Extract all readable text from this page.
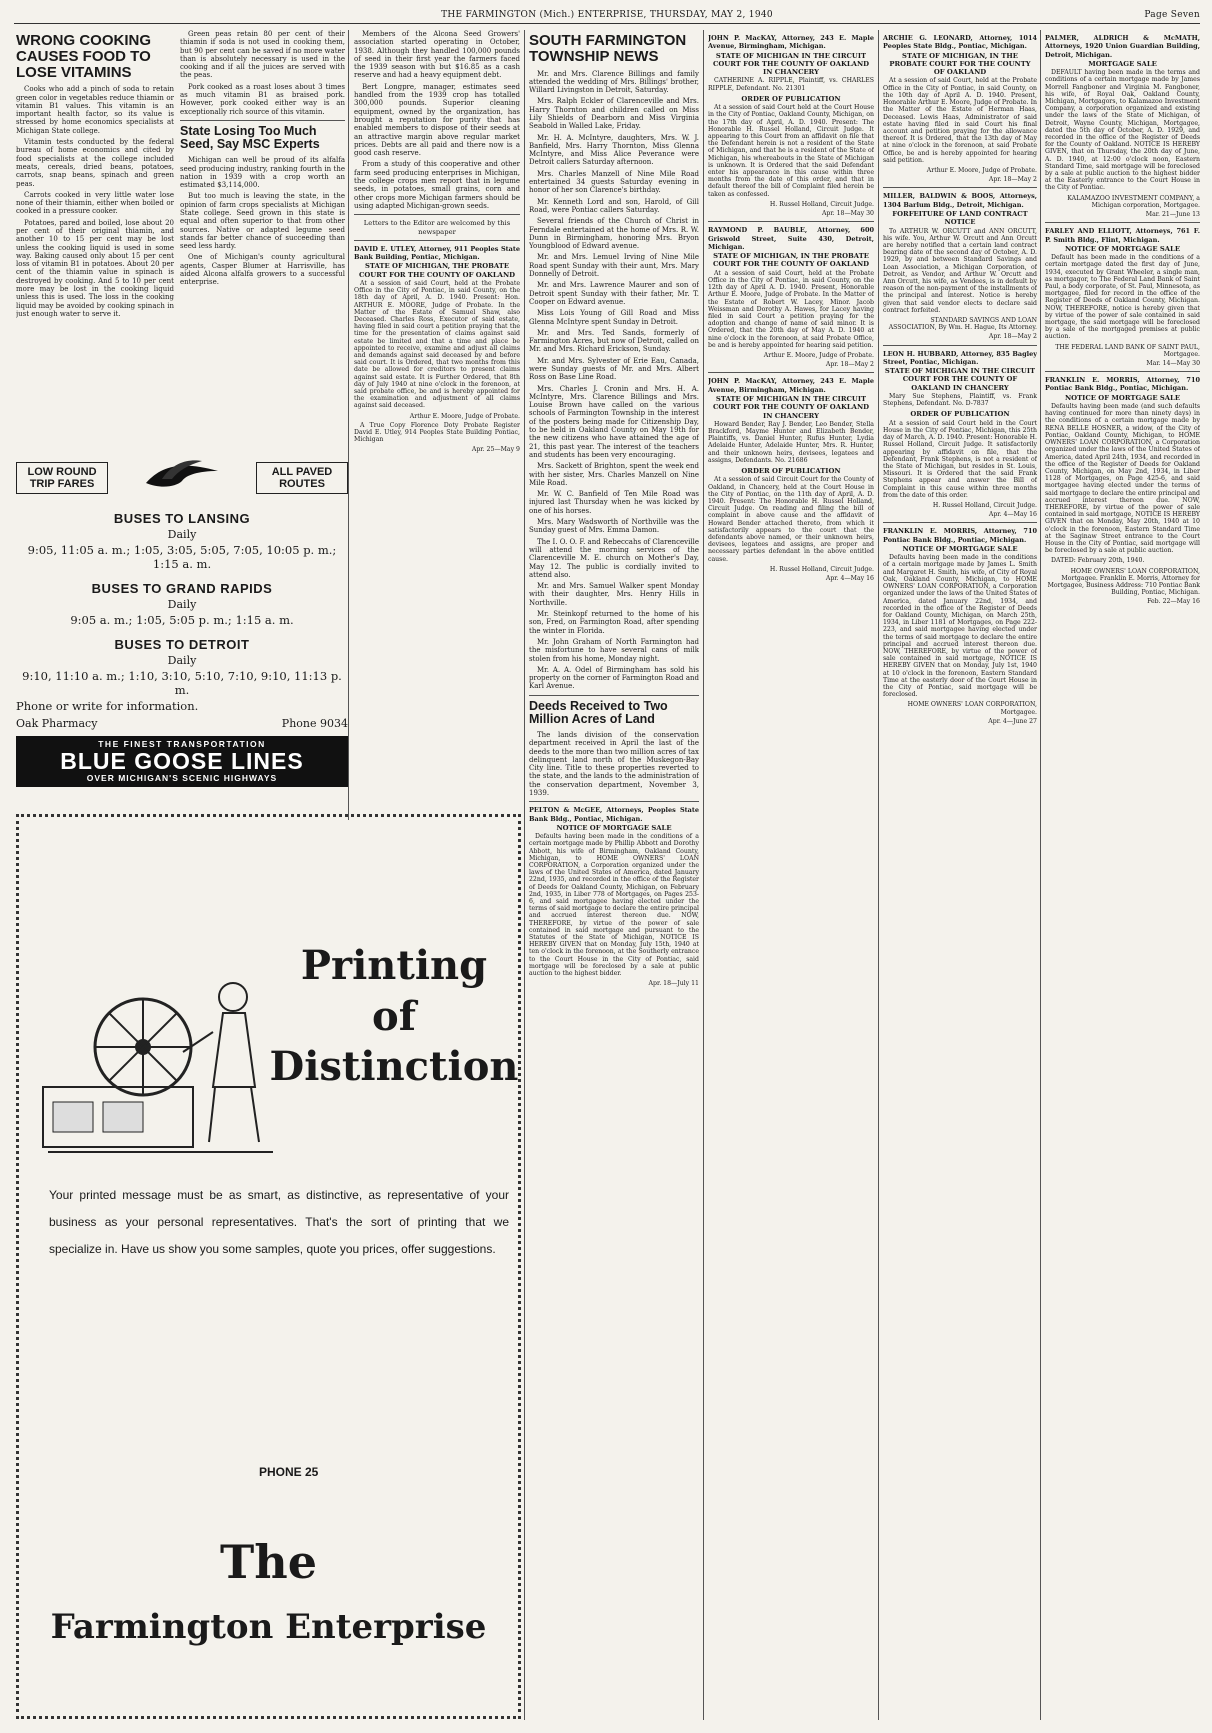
THE FARMINGTON (Mich.) ENTERPRISE, THURSDAY, MAY 2, 1940	Page Seven
WRONG COOKING CAUSES FOOD TO LOSE VITAMINS

Cooks who add a pinch of soda to retain green color in vegetables reduce thiamin or vitamin B1 values. This vitamin is an important health factor, so its value is stressed by home economics specialists at Michigan State college.

Vitamin tests conducted by the federal bureau of home economics and cited by food specialists at the college included meats, cereals, dried beans, potatoes, carrots, snap beans, spinach and green peas.

Carrots cooked in very little water lose none of their thiamin, either when boiled or cooked in a pressure cooker.

Potatoes, pared and boiled, lose about 20 per cent of their original thiamin, and another 10 to 15 per cent may be lost unless the cooking liquid is used in some way. Baking caused only about 15 per cent loss of vitamin B1 in potatoes. About 20 per cent of the thiamin value in spinach is destroyed by cooking. And 5 to 10 per cent more may be lost in the cooking liquid unless this is used. The loss in the cooking liquid may be avoided by cooking spinach in just enough water to serve it.

Green peas retain 80 per cent of their thiamin if soda is not used in cooking them, but 90 per cent can be saved if no more water than is absolutely necessary is used in the cooking and if all the juices are served with the peas.

Pork cooked as a roast loses about 3 times as much vitamin B1 as braised pork. However, pork cooked either way is an exceptionally rich source of this vitamin.

State Losing Too Much Seed, Say MSC Experts

Michigan can well be proud of its alfalfa seed producing industry, ranking fourth in the nation in 1939 with a crop worth an estimated $3,114,000.

But too much is leaving the state, in the opinion of farm crops specialists at Michigan State college. Seed grown in this state is equal and often superior to that from other sources. Native or adapted legume seed stands far better chance of succeeding than seed less hardy.

One of Michigan's county agricultural agents, Casper Blumer at Harrisville, has aided Alcona alfalfa growers to a successful enterprise.

Members of the Alcona Seed Growers' association started operating in October, 1938. Although they handled 100,000 pounds of seed in their first year the farmers faced the 1939 season with but $16.85 as a cash reserve and had a heavy equipment debt.

Bert Longpre, manager, estimates seed handled from the 1939 crop has totalled 300,000 pounds. Superior cleaning equipment, owned by the organization, has brought a reputation for purity that has enabled members to dispose of their seeds at an attractive margin above regular market prices. Debts are all paid and there now is a good cash reserve.

From a study of this cooperative and other farm seed producing enterprises in Michigan, the college crops men report that in legume seeds, in potatoes, small grains, corn and other crops more Michigan farmers should be using adapted Michigan-grown seeds.

Letters to the Editor are welcomed by this newspaper

DAVID E. UTLEY, Attorney, 911 Peoples State Bank Building, Pontiac, Michigan.

STATE OF MICHIGAN, THE PROBATE COURT FOR THE COUNTY OF OAKLAND

At a session of said Court, held at the Probate Office in the City of Pontiac, in said County, on the 18th day of April, A. D. 1940. Present: Hon. ARTHUR E. MOORE, Judge of Probate. In the Matter of the Estate of Samuel Shaw, also Deceased. Charles Ross, Executor of said estate, having filed in said court a petition praying that the time for the presentation of claims against said estate be limited and that a time and place be appointed to receive, examine and adjust all claims and demands against said deceased by and before said court. It is Ordered, that two months from this date be allowed for creditors to present claims against said estate. It is Further Ordered, that 8th day of July 1940 at nine o'clock in the forenoon, at said probate office, be and is hereby appointed for the examination and adjustment of all claims against said deceased.

Arthur E. Moore, Judge of Probate.

A True Copy Florence Doty Probate Register David E. Utley, 914 Peoples State Building Pontiac, Michigan

Apr. 25—May 9

LOW ROUND TRIP FARES
ALL PAVED ROUTES
BUSES TO LANSING
Daily
9:05, 11:05 a. m.; 1:05, 3:05, 5:05, 7:05, 10:05 p. m.; 1:15 a. m.
BUSES TO GRAND RAPIDS
Daily
9:05 a. m.; 1:05, 5:05 p. m.; 1:15 a. m.
BUSES TO DETROIT
Daily
9:10, 11:10 a. m.; 1:10, 3:10, 5:10, 7:10, 9:10, 11:13 p. m.
Phone or write for information.
Oak Pharmacy	Phone 9034
THE FINEST TRANSPORTATION
BLUE GOOSE LINES
OVER MICHIGAN'S SCENIC HIGHWAYS
Printing
of
Distinction
Your printed message must be as smart, as distinctive, as representative of your business as your personal representatives. That's the sort of printing that we specialize in. Have us show you some samples, quote you prices, offer suggestions.
PHONE 25
The
Farmington Enterprise
SOUTH FARMINGTON TOWNSHIP NEWS

Mr. and Mrs. Clarence Billings and family attended the wedding of Mrs. Billings' brother, Willard Livingston in Detroit, Saturday.

Mrs. Ralph Eckler of Clarenceville and Mrs. Harry Thornton and children called on Miss Lily Shields of Dearborn and Miss Virginia Seabold in Walled Lake, Friday.

Mr. H. A. McIntyre, daughters, Mrs. W. J. Banfield, Mrs. Harry Thornton, Miss Glenna McIntyre, and Miss Alice Peverance were Detroit callers Saturday afternoon.

Mrs. Charles Manzell of Nine Mile Road entertained 34 guests Saturday evening in honor of her son Clarence's birthday.

Mr. Kenneth Lord and son, Harold, of Gill Road, were Pontiac callers Saturday.

Several friends of the Church of Christ in Ferndale entertained at the home of Mrs. R. W. Dunn in Birmingham, honoring Mrs. Bryon Youngblood of Edward avenue.

Mr. and Mrs. Lemuel Irving of Nine Mile Road spent Sunday with their aunt, Mrs. Mary Donnelly of Detroit.

Mr. and Mrs. Lawrence Maurer and son of Detroit spent Sunday with their father, Mr. T. Cooper on Edward avenue.

Miss Lois Young of Gill Road and Miss Glenna McIntyre spent Sunday in Detroit.

Mr. and Mrs. Ted Sands, formerly of Farmington Acres, but now of Detroit, called on Mr. and Mrs. Richard Erickson, Sunday.

Mr. and Mrs. Sylvester of Erie Eau, Canada, were Sunday guests of Mr. and Mrs. Albert Ross on Base Line Road.

Mrs. Charles J. Cronin and Mrs. H. A. McIntyre, Mrs. Clarence Billings and Mrs. Louise Brown have called on the various schools of Farmington Township in the interest of the posters being made for Citizenship Day, to be held in Oakland County on May 19th for the new citizens who have attained the age of 21, this past year. The interest of the teachers and students has been very encouraging.

Mrs. Sackett of Brighton, spent the week end with her sister, Mrs. Charles Manzell on Nine Mile Road.

Mr. W. C. Banfield of Ten Mile Road was injured last Thursday when he was kicked by one of his horses.

Mrs. Mary Wadsworth of Northville was the Sunday guest of Mrs. Emma Damon.

The I. O. O. F. and Rebeccahs of Clarenceville will attend the morning services of the Clarenceville M. E. church on Mother's Day, May 12. The public is cordially invited to attend also.

Mr. and Mrs. Samuel Walker spent Monday with their daughter, Mrs. Henry Hills in Northville.

Mr. Steinkopf returned to the home of his son, Fred, on Farmington Road, after spending the winter in Florida.

Mr. John Graham of North Farmington had the misfortune to have several cans of milk stolen from his home, Monday night.

Mr. A. A. Odel of Birmingham has sold his property on the corner of Farmington Road and Karl Avenue.

Deeds Received to Two Million Acres of Land

The lands division of the conservation department received in April the last of the deeds to the more than two million acres of tax delinquent land north of the Muskegon-Bay City line. Title to these properties reverted to the state, and the lands to the administration of the conservation department, November 3, 1939.

PELTON & McGEE, Attorneys, Peoples State Bank Bldg., Pontiac, Michigan.

NOTICE OF MORTGAGE SALE

Defaults having been made in the conditions of a certain mortgage made by Phillip Abbott and Dorothy Abbott, his wife of Birmingham, Oakland County, Michigan, to HOME OWNERS' LOAN CORPORATION, a Corporation organized under the laws of the United States of America, dated January 22nd, 1935, and recorded in the office of the Register of Deeds for Oakland County, Michigan, on February 2nd, 1935, in Liber 778 of Mortgages, on Pages 253-6, and said mortgagee having elected under the terms of said mortgage to declare the entire principal and accrued interest thereon due. NOW, THEREFORE, by virtue of the power of sale contained in said mortgage and pursuant to the Statutes of the State of Michigan, NOTICE IS HEREBY GIVEN that on Monday, July 15th, 1940 at ten o'clock in the forenoon, at the Southerly entrance to the Court House in the City of Pontiac, said mortgage will be foreclosed by a sale at public auction to the highest bidder.

Apr. 18—July 11

JOHN P. MacKAY, Attorney, 243 E. Maple Avenue, Birmingham, Michigan.

STATE OF MICHIGAN IN THE CIRCUIT COURT FOR THE COUNTY OF OAKLAND IN CHANCERY

CATHERINE A. RIPPLE, Plaintiff, vs. CHARLES RIPPLE, Defendant. No. 21301

ORDER OF PUBLICATION

At a session of said Court held at the Court House in the City of Pontiac, Oakland County, Michigan, on the 17th day of April, A. D. 1940. Present: The Honorable H. Russel Holland, Circuit Judge. It appearing to this Court from an affidavit on file that the Defendant herein is not a resident of the State of Michigan, and that he is a resident of the State of Michigan, his whereabouts in the State of Michigan is unknown. It is Ordered that the said Defendant enter his appearance in this cause within three months from the date of this order, and that in default thereof the bill of Complaint filed herein be taken as confessed.

H. Russel Holland, Circuit Judge.

Apr. 18—May 30

RAYMOND P. BAUBLE, Attorney, 600 Griswold Street, Suite 430, Detroit, Michigan.

STATE OF MICHIGAN, IN THE PROBATE COURT FOR THE COUNTY OF OAKLAND

At a session of said Court, held at the Probate Office in the City of Pontiac, in said County, on the 12th day of April A. D. 1940. Present, Honorable Arthur E. Moore, Judge of Probate. In the Matter of the Estate of Robert W. Lacey, Minor. Jacob Weissman and Dorothy A. Hawes, for Lacey having filed in said Court a petition praying for the adoption and change of name of said minor. It is Ordered, that the 20th day of May A. D. 1940 at nine o'clock in the forenoon, at said Probate Office, be and is hereby appointed for hearing said petition.

Arthur E. Moore, Judge of Probate.

Apr. 18—May 2

JOHN P. MacKAY, Attorney, 243 E. Maple Avenue, Birmingham, Michigan.

STATE OF MICHIGAN IN THE CIRCUIT COURT FOR THE COUNTY OF OAKLAND IN CHANCERY

Howard Bender, Ray J. Bender, Leo Bender, Stella Brackford, Mayme Hunter and Elizabeth Bender, Plaintiffs, vs. Daniel Hunter, Rufus Hunter, Lydia Adelaide Hunter, Adelaide Hunter, Mrs. R. Hunter, and their unknown heirs, devisees, legatees and assigns, Defendants. No. 21686

ORDER OF PUBLICATION

At a session of said Circuit Court for the County of Oakland, in Chancery, held at the Court House in the City of Pontiac, on the 11th day of April, A. D. 1940. Present: The Honorable H. Russel Holland, Circuit Judge. On reading and filing the bill of complaint in above cause and the affidavit of Howard Bender attached thereto, from which it satisfactorily appears to the court that the defendants above named, or their unknown heirs, devisees, legatees and assigns, are proper and necessary parties defendant in the above entitled cause.

H. Russel Holland, Circuit Judge.

Apr. 4—May 16

ARCHIE G. LEONARD, Attorney, 1014 Peoples State Bldg., Pontiac, Michigan.

STATE OF MICHIGAN, IN THE PROBATE COURT FOR THE COUNTY OF OAKLAND

At a session of said Court, held at the Probate Office in the City of Pontiac, in said County, on the 10th day of April A. D. 1940. Present, Honorable Arthur E. Moore, Judge of Probate. In the Matter of the Estate of Herman Haas, Deceased. Lewis Haas, Administrator of said estate having filed in said Court his final account and petition praying for the allowance thereof. It is Ordered, that the 13th day of May at nine o'clock in the forenoon, at said Probate Office, be and is hereby appointed for hearing said petition.

Arthur E. Moore, Judge of Probate.

Apr. 18—May 2

MILLER, BALDWIN & BOOS, Attorneys, 1304 Barlum Bldg., Detroit, Michigan.

FORFEITURE OF LAND CONTRACT NOTICE

To ARTHUR W. ORCUTT and ANN ORCUTT, his wife. You, Arthur W. Orcutt and Ann Orcutt are hereby notified that a certain land contract bearing date of the second day of October, A. D. 1929, by and between Standard Savings and Loan Association, a Michigan Corporation, of Detroit, as Vendor, and Arthur W. Orcutt and Ann Orcutt, his wife, as Vendees, is in default by reason of the non-payment of the installments of the principal and interest. Notice is hereby given that said vendor elects to declare said contract forfeited.

STANDARD SAVINGS AND LOAN ASSOCIATION, By Wm. H. Hague, Its Attorney.

Apr. 18—May 2

LEON H. HUBBARD, Attorney, 835 Bagley Street, Pontiac, Michigan.

STATE OF MICHIGAN IN THE CIRCUIT COURT FOR THE COUNTY OF OAKLAND IN CHANCERY

Mary Sue Stephens, Plaintiff, vs. Frank Stephens, Defendant. No. D-7837

ORDER OF PUBLICATION

At a session of said Court held in the Court House in the City of Pontiac, Michigan, this 25th day of March, A. D. 1940. Present: Honorable H. Russel Holland, Circuit Judge. It satisfactorily appearing by affidavit on file, that the Defendant, Frank Stephens, is not a resident of the State of Michigan, but resides in St. Louis, Missouri. It is Ordered that the said Frank Stephens appear and answer the Bill of Complaint in this cause within three months from the date of this order.

H. Russel Holland, Circuit Judge.

Apr. 4—May 16

FRANKLIN E. MORRIS, Attorney, 710 Pontiac Bank Bldg., Pontiac, Michigan.

NOTICE OF MORTGAGE SALE

Defaults having been made in the conditions of a certain mortgage made by James L. Smith and Margaret H. Smith, his wife, of City of Royal Oak, Oakland County, Michigan, to HOME OWNERS' LOAN CORPORATION, a Corporation organized under the laws of the United States of America, dated January 22nd, 1934, and recorded in the office of the Register of Deeds for Oakland County, Michigan, on March 25th, 1934, in Liber 1181 of Mortgages, on Page 222-223, and said mortgagee having elected under the terms of said mortgage to declare the entire principal and accrued interest thereon due. NOW, THEREFORE, by virtue of the power of sale contained in said mortgage, NOTICE IS HEREBY GIVEN that on Monday, July 1st, 1940 at 10 o'clock in the forenoon, Eastern Standard Time at the easterly door of the Court House in the City of Pontiac, said mortgage will be foreclosed.

HOME OWNERS' LOAN CORPORATION, Mortgagee.

Apr. 4—June 27

PALMER, ALDRICH & McMATH, Attorneys, 1920 Union Guardian Building, Detroit, Michigan.

MORTGAGE SALE

DEFAULT having been made in the terms and conditions of a certain mortgage made by James Morrell Fangboner and Virginia M. Fangboner, his wife, of Royal Oak, Oakland County, Michigan, Mortgagors, to Kalamazoo Investment Company, a corporation organized and existing under the laws of the State of Michigan, of Detroit, Wayne County, Michigan, Mortgagee, dated the 5th day of October, A. D. 1929, and recorded in the office of the Register of Deeds for the County of Oakland. NOTICE IS HEREBY GIVEN, that on Thursday, the 20th day of June, A. D. 1940, at 12:00 o'clock noon, Eastern Standard Time, said mortgage will be foreclosed by a sale at public auction to the highest bidder at the Easterly entrance to the Court House in the City of Pontiac.

KALAMAZOO INVESTMENT COMPANY, a Michigan corporation, Mortgagee.

Mar. 21—June 13

FARLEY AND ELLIOTT, Attorneys, 761 F. P. Smith Bldg., Flint, Michigan.

NOTICE OF MORTGAGE SALE

Default has been made in the conditions of a certain mortgage dated the first day of June, 1934, executed by Grant Wheeler, a single man, as mortgagor, to The Federal Land Bank of Saint Paul, a body corporate, of St. Paul, Minnesota, as mortgagee, filed for record in the office of the Register of Deeds of Oakland County, Michigan. NOW, THEREFORE, notice is hereby given that by virtue of the power of sale contained in said mortgage, the said mortgage will be foreclosed by a sale of the mortgaged premises at public auction.

THE FEDERAL LAND BANK OF SAINT PAUL, Mortgagee.

Mar. 14—May 30

FRANKLIN E. MORRIS, Attorney, 710 Pontiac Bank Bldg., Pontiac, Michigan.

NOTICE OF MORTGAGE SALE

Defaults having been made (and such defaults having continued for more than ninety days) in the conditions of a certain mortgage made by RENA BELLE HOSNER, a widow, of the City of Pontiac, Oakland County, Michigan, to HOME OWNERS' LOAN CORPORATION, a Corporation organized under the laws of the United States of America, dated April 24th, 1934, and recorded in the office of the Register of Deeds for Oakland County, Michigan, on May 2nd, 1934, in Liber 1128 of Mortgages, on Page 425-6, and said mortgagee having elected under the terms of said mortgage to declare the entire principal and accrued interest thereon due. NOW, THEREFORE, by virtue of the power of sale contained in said mortgage, NOTICE IS HEREBY GIVEN that on Monday, May 20th, 1940 at 10 o'clock in the forenoon, Eastern Standard Time at the Saginaw Street entrance to the Court House in the City of Pontiac, said mortgage will be foreclosed by a sale at public auction.

DATED: February 20th, 1940.

HOME OWNERS' LOAN CORPORATION, Mortgagee. Franklin E. Morris, Attorney for Mortgagee, Business Address: 710 Pontiac Bank Building, Pontiac, Michigan.

Feb. 22—May 16
